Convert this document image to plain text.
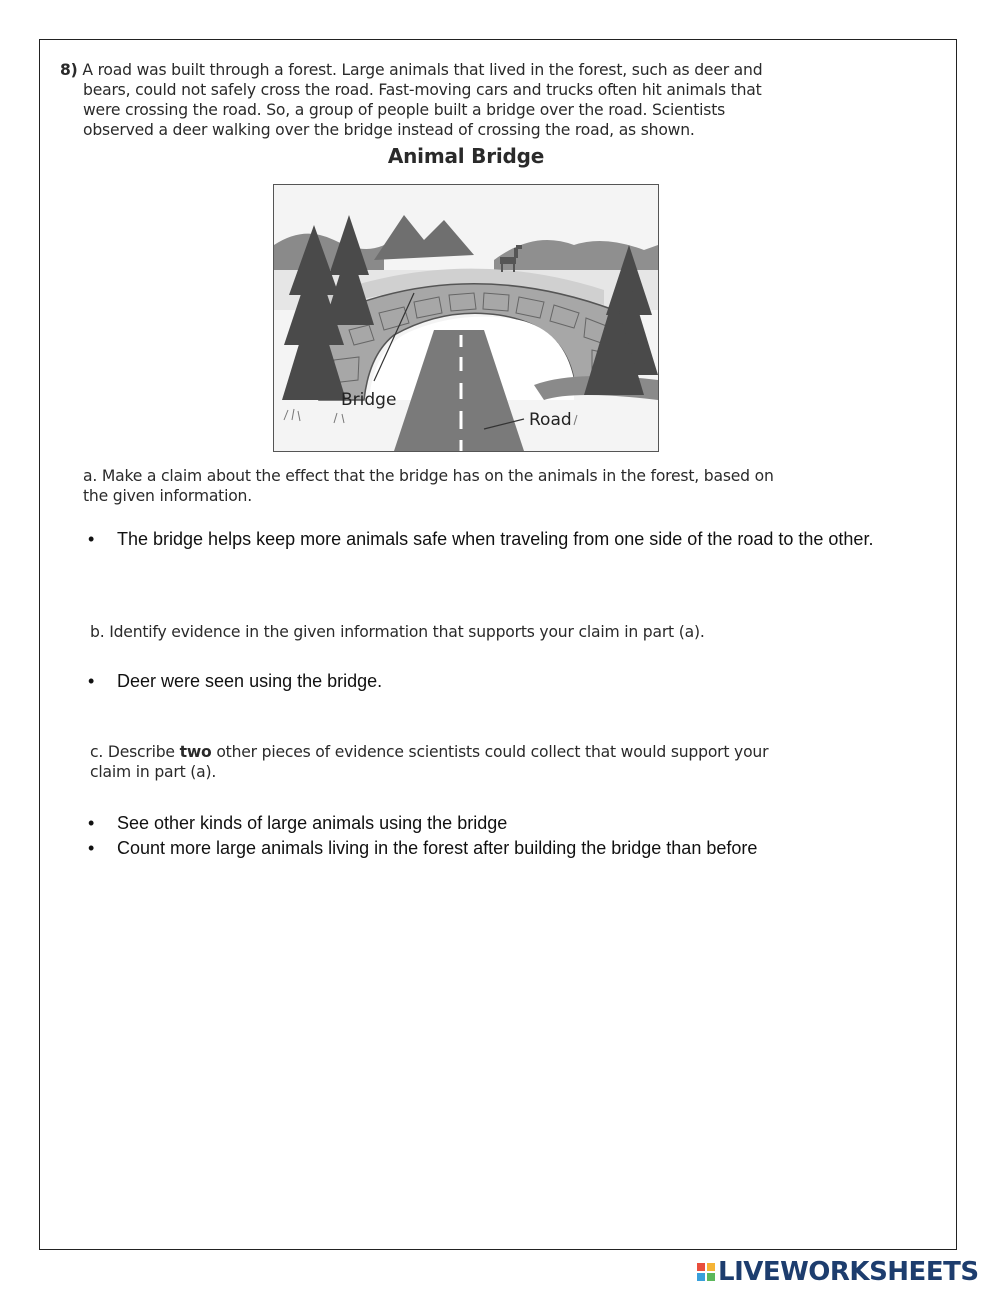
8) A road was built through a forest. Large animals that lived in the forest, such as deer and
bears, could not safely cross the road. Fast-moving cars and trucks often hit animals that
were crossing the road. So, a group of people built a bridge over the road. Scientists
observed a deer walking over the bridge instead of crossing the road, as shown.
Animal Bridge
Bridge
Road
a. Make a claim about the effect that the bridge has on the animals in the forest, based on
the given information.
• The bridge helps keep more animals safe when traveling from one side of the road to the other.
b. Identify evidence in the given information that supports your claim in part (a).
• Deer were seen using the bridge.
c. Describe two other pieces of evidence scientists could collect that would support your
claim in part (a).
• See other kinds of large animals using the bridge
• Count more large animals living in the forest after building the bridge than before
LIVEWORKSHEETS
